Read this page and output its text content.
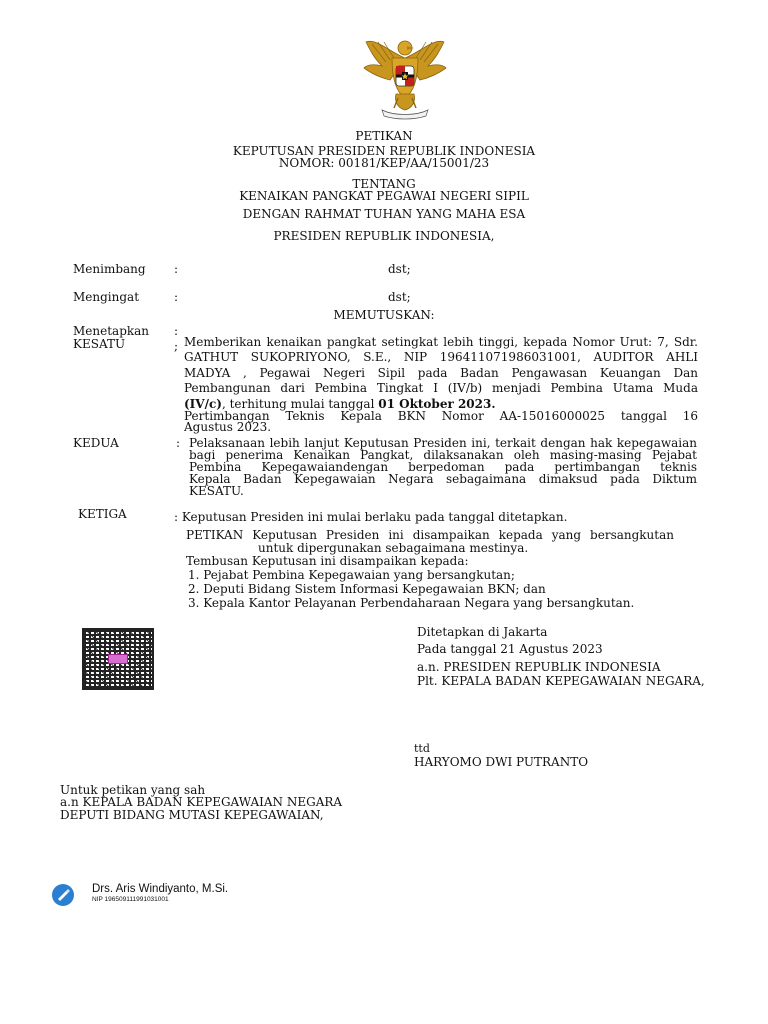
PETIKAN
KEPUTUSAN PRESIDEN REPUBLIK INDONESIA
NOMOR: 00181/KEP/AA/15001/23
TENTANG
KENAIKAN PANGKAT PEGAWAI NEGERI SIPIL
DENGAN RAHMAT TUHAN YANG MAHA ESA
PRESIDEN REPUBLIK INDONESIA,
Menimbang :	dst;
Mengingat	:	dst;
MEMUTUSKAN:
Menetapkan :
KESATU	; Memberikan kenaikan pangkat setingkat lebih tinggi, kepada Nomor Urut: 7, Sdr.
GATHUT SUKOPRIYONO, S.E., NIP 196411071986031001, AUDITOR AHLI
MADYA , Pegawai Negeri Sipil pada Badan Pengawasan Keuangan Dan
Pembangunan dari Pembina Tingkat I (IV/b) menjadi Pembina Utama Muda
(IV/c), terhitung mulai tanggal 01 Oktober 2023.
Pertimbangan Teknis Kepala BKN Nomor AA-15016000025 tanggal 16
Agustus 2023.
KEDUA	: Pelaksanaan lebih lanjut Keputusan Presiden ini, terkait dengan hak kepegawaian
bagi penerima Kenaikan Pangkat, dilaksanakan oleh masing-masing Pejabat
Pembina Kepegawaiandengan berpedoman pada pertimbangan teknis
Kepala Badan Kepegawaian Negara sebagaimana dimaksud pada Diktum
KESATU.
KETIGA	: Keputusan Presiden ini mulai berlaku pada tanggal ditetapkan.
PETIKAN Keputusan Presiden ini disampaikan kepada yang bersangkutan
untuk dipergunakan sebagaimana mestinya.
Tembusan Keputusan ini disampaikan kepada:
1. Pejabat Pembina Kepegawaian yang bersangkutan;
2. Deputi Bidang Sistem Informasi Kepegawaian BKN; dan
3. Kepala Kantor Pelayanan Perbendaharaan Negara yang bersangkutan.
Ditetapkan di Jakarta
Pada tanggal 21 Agustus 2023
a.n. PRESIDEN REPUBLIK INDONESIA
Plt. KEPALA BADAN KEPEGAWAIAN NEGARA,
ttd
HARYOMO DWI PUTRANTO
Untuk petikan yang sah
a.n KEPALA BADAN KEPEGAWAIAN NEGARA
DEPUTI BIDANG MUTASI KEPEGAWAIAN,
Drs. Aris Windiyanto, M.Si.
NIP 196509111991031001
